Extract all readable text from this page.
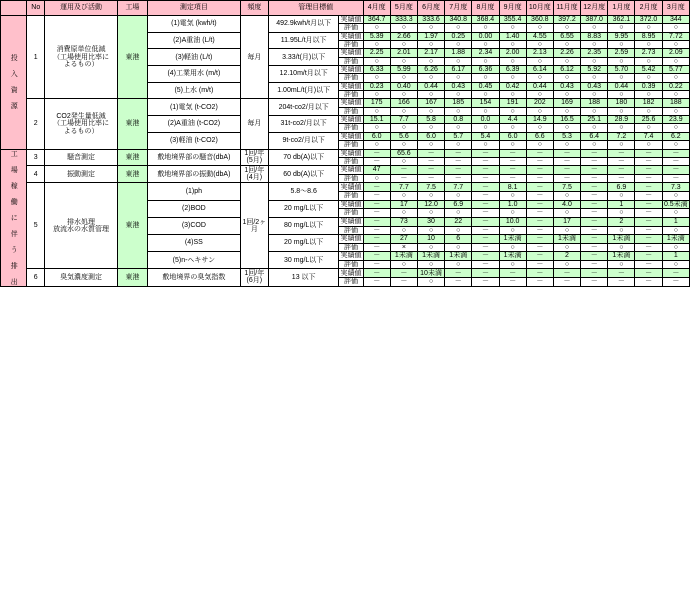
	No	運用及び活動	工場	測定項目	頻度	管理目標値		4月度	5月度	6月度	7月度	8月度	9月度	10月度	11月度	12月度	1月度	2月度	3月度

投 入 資 源	1	消費原単位低減
（工場使用比率に
よるもの）	東港	(1)電気 (kwh/t)	毎月	492.9kwh/t月以下	実績値	364.7	333.3	333.6	340.8	368.4	355.4	360.8	397.2	387.0	362.1	372.0	344
							評価	○	○	○	○	○	○	○	○	○	○	○	○
				(2)A重油 (L/t)		11.95L/t月以下	実績値	5.39	2.66	1.97	0.25	0.00	1.40	4.55	6.55	8.83	9.95	8.95	7.72
							評価	○	○	○	○	○	○	○	○	○	○	○	○
				(3)軽油 (L/t)		3.33/t(月)以下	実績値	2.25	2.01	2.17	1.88	2.34	2.00	2.13	2.26	2.35	2.59	2.73	2.09
							評価	○	○	○	○	○	○	○	○	○	○	○	○
				(4)工業用水 (m/t)		12.10m/t月以下	実績値	6.33	5.99	6.26	6.17	6.36	6.39	6.14	6.12	5.92	5.70	5.42	5.77
							評価	○	○	○	○	○	○	○	○	○	○	○	○
				(5)上水 (m/t)		1.00mL/t(月)以下	実績値	0.23	0.40	0.44	0.43	0.45	0.42	0.44	0.43	0.43	0.44	0.39	0.22
							評価	○	○	○	○	○	○	○	○	○	○	○	○
	2	CO2発生量低減
（工場使用比率に
よるもの）	東港	(1)電気 (t-CO2)	毎月	204t-co2/月以下	実績値	175	166	167	185	154	191	202	169	188	180	182	188
							評価	○	○	○	○	○	○	○	○	○	○	○	○
				(2)A重油 (t-CO2)		31t-co2/月以下	実績値	15.1	7.7	5.8	0.8	0.0	4.4	14.9	16.5	25.1	28.9	25.6	23.9
							評価	○	○	○	○	○	○	○	○	○	○	○	○
				(3)軽油 (t-CO2)		9t-co2/月以下	実績値	6.0	5.6	6.0	5.7	5.4	6.0	6.6	5.3	6.4	7.2	7.4	6.2
							評価	○	○	○	○	○	○	○	○	○	○	○	○

工 場 稼 働 に 伴 う 排 出	3	騒音測定	東港	敷地境界部の騒音(dbA)	1回/年
(5月)	70 db(A)以下	実績値	－	65.6	－	－	－	－	－	－	－	－	－	－
							評価	－	○	－	－	－	－	－	－	－	－	－	－
	4	振動測定	東港	敷地境界部の振動(dbA)	1回/年
(4月)	60 db(A)以下	実績値	47	－	－	－	－	－	－	－	－	－	－	－
							評価	○	－	－	－	－	－	－	－	－	－	－	－
	5	排水処理
放流水の水質管理	東港	(1)ph	1回/2ヶ月	5.8～8.6	実績値	－	7.7	7.5	7.7	－	8.1	－	7.5	－	6.9	－	7.3
							評価	－	○	○	○	－	○	－	○	－	○	－	○
				(2)BOD		20 mg/L以下	実績値	－	17	12.0	6.9	－	1.0	－	4.0	－	1	－	0.5未満
							評価	－	○	○	○	－	○	－	○	－	○	－	○
				(3)COD		80 mg/L以下	実績値	－	73	30	22	－	10.0	－	17	－	2	－	1
							評価	－	○	○	○	－	○	－	○	－	○	－	○
				(4)SS		20 mg/L以下	実績値	－	27	10	6	－	1未満	－	1未満	－	1未満	－	1未満
							評価	－	×	○	○	－	○	－	○	－	○	－	○
				(5)n-ヘキサン		30 mg/L以下	実績値	－	1未満	1未満	1未満	－	1未満	－	2	－	1未満	－	1
							評価	－	○	○	○	－	○	－	○	－	○	－	○
	6	臭気濃度測定	東港	敷地境界の臭気指数	1回/年
(6月)	13 以下	実績値	－	－	10未満	－	－	－	－	－	－	－	－	－
							評価	－	－	○	－	－	－	－	－	－	－	－	－
